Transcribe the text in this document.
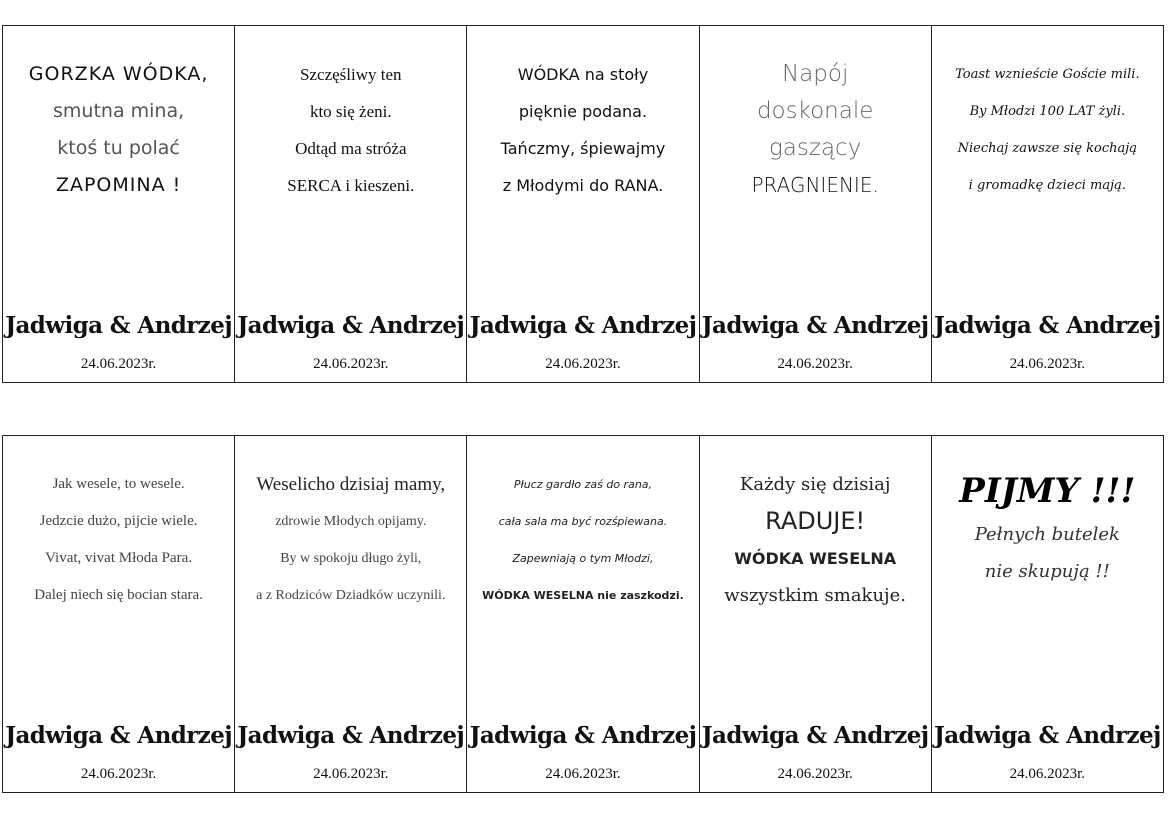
GORZKA WÓDKA,
smutna mina,
ktoś tu polać
ZAPOMINA !
Jadwiga & Andrzej
24.06.2023r.
Szczęśliwy ten
kto się żeni.
Odtąd ma stróża
SERCA i kieszeni.
Jadwiga & Andrzej
24.06.2023r.
WÓDKA na stoły
pięknie podana.
Tańczmy, śpiewajmy
z Młodymi do RANA.
Jadwiga & Andrzej
24.06.2023r.
Napój
doskonale
gaszący
PRAGNIENIE.
Jadwiga & Andrzej
24.06.2023r.
Toast wznieście Goście mili.
By Młodzi 100 LAT żyli.
Niechaj zawsze się kochają
i gromadkę dzieci mają.
Jadwiga & Andrzej
24.06.2023r.
Jak wesele, to wesele.
Jedzcie dużo, pijcie wiele.
Vivat, vivat Młoda Para.
Dalej niech się bocian stara.
Jadwiga & Andrzej
24.06.2023r.
Weselicho dzisiaj mamy,
zdrowie Młodych opijamy.
By w spokoju długo żyli,
a z Rodziców Dziadków uczynili.
Jadwiga & Andrzej
24.06.2023r.
Płucz gardło zaś do rana,
cała sala ma być rozśpiewana.
Zapewniają o tym Młodzi,
WÓDKA WESELNA nie zaszkodzi.
Jadwiga & Andrzej
24.06.2023r.
Każdy się dzisiaj
RADUJE!
WÓDKA WESELNA
wszystkim smakuje.
Jadwiga & Andrzej
24.06.2023r.
PIJMY !!!
Pełnych butelek
nie skupują !!
Jadwiga & Andrzej
24.06.2023r.
